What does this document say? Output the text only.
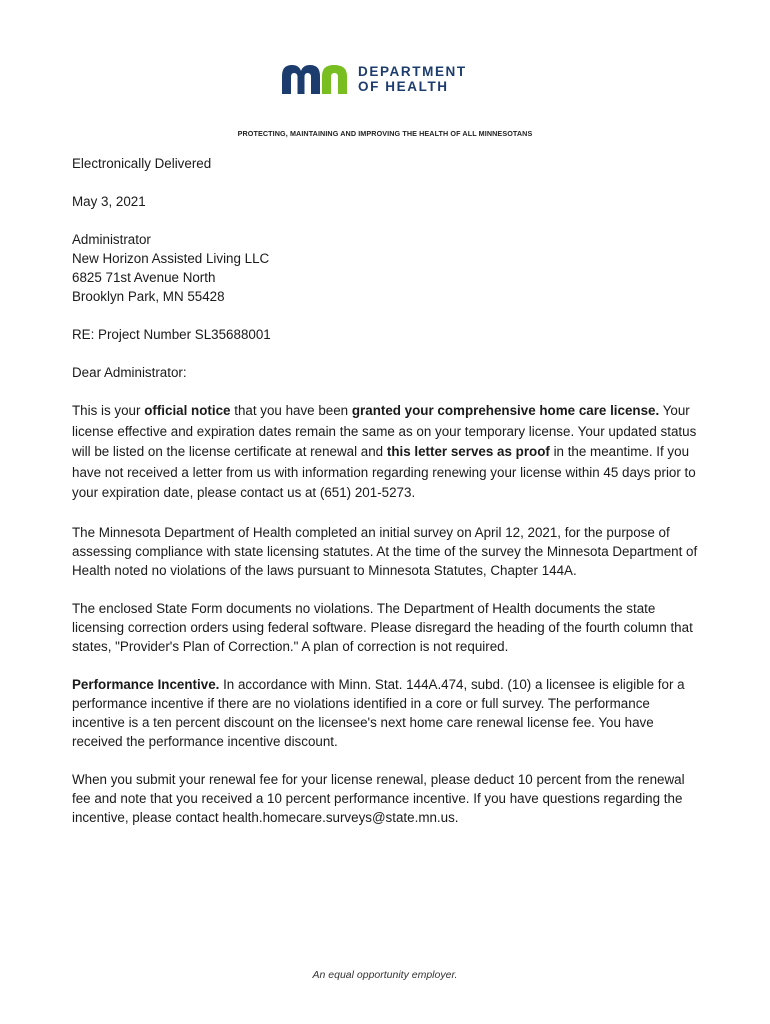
DEPARTMENT
OF HEALTH
PROTECTING, MAINTAINING AND IMPROVING THE HEALTH OF ALL MINNESOTANS

Electronically Delivered

May 3, 2021

Administrator

New Horizon Assisted Living LLC

6825 71st Avenue North

Brooklyn Park, MN 55428

RE: Project Number SL35688001

Dear Administrator:

This is your official notice that you have been granted your comprehensive home care license. Your license effective and expiration dates remain the same as on your temporary license. Your updated status will be listed on the license certificate at renewal and this letter serves as proof in the meantime. If you have not received a letter from us with information regarding renewing your license within 45 days prior to your expiration date, please contact us at (651) 201-5273.

The Minnesota Department of Health completed an initial survey on April 12, 2021, for the purpose of assessing compliance with state licensing statutes. At the time of the survey the Minnesota Department of Health noted no violations of the laws pursuant to Minnesota Statutes, Chapter 144A.

The enclosed State Form documents no violations. The Department of Health documents the state licensing correction orders using federal software. Please disregard the heading of the fourth column that states, "Provider's Plan of Correction." A plan of correction is not required.

Performance Incentive. In accordance with Minn. Stat. 144A.474, subd. (10) a licensee is eligible for a performance incentive if there are no violations identified in a core or full survey. The performance incentive is a ten percent discount on the licensee's next home care renewal license fee. You have received the performance incentive discount.

When you submit your renewal fee for your license renewal, please deduct 10 percent from the renewal fee and note that you received a 10 percent performance incentive. If you have questions regarding the incentive, please contact health.homecare.surveys@state.mn.us.

An equal opportunity employer.
